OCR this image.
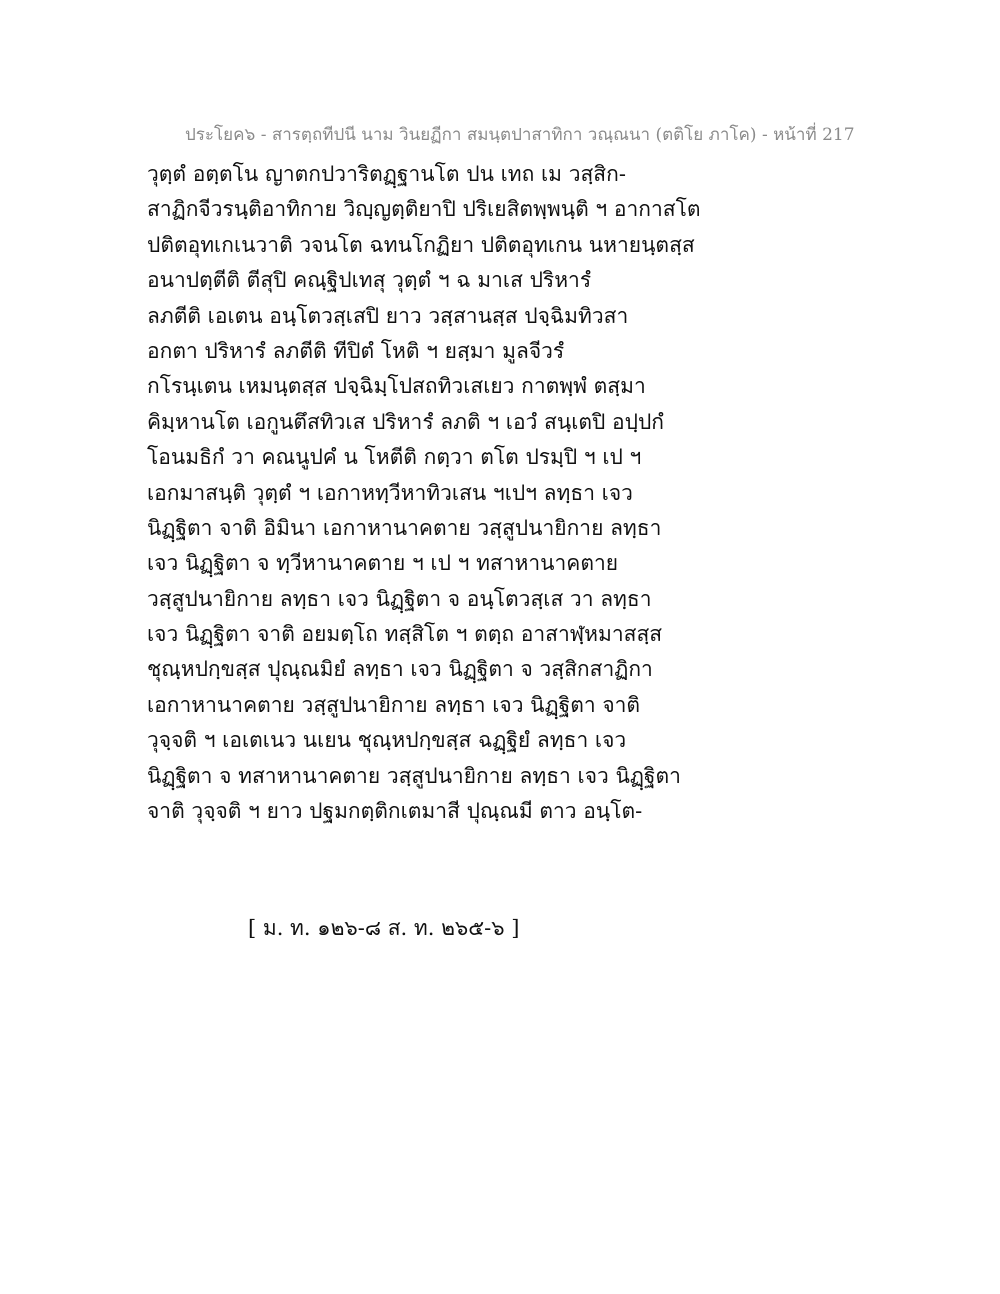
ประโยค๖ - สารตฺถทีปนี นาม วินยฏีกา สมนฺตปาสาทิกา วณฺณนา (ตติโย ภาโค) - หน้าที่ 217
วุตฺตํ อตฺตโน ญาตกปวาริตฏฺฐานโต ปน เทถ เม วสฺสิก-
สาฏิกจีวรนฺติอาทิกาย วิญฺญตฺติยาปิ ปริเยสิตพฺพนฺติ ฯ อากาสโต
ปติตอุทเกเนวาติ วจนโต ฉทนโกฏิยา ปติตอุทเกน นหายนฺตสฺส
อนาปตฺตีติ ตีสุปิ คณฺฐิปเทสุ วุตฺตํ ฯ ฉ มาเส ปริหารํ
ลภตีติ เอเตน อนฺโตวสฺเสปิ ยาว วสฺสานสฺส ปจฺฉิมทิวสา
อกตา ปริหารํ ลภตีติ ทีปิตํ โหติ ฯ ยสฺมา มูลจีวรํ
กโรนฺเตน เหมนฺตสฺส ปจฺฉิมฺโปสถทิวเสเยว กาตพฺพํ ตสฺมา
คิมฺหานโต เอกูนตึสทิวเส ปริหารํ ลภติ ฯ เอวํ สนฺเตปิ อปฺปกํ
โอนมธิกํ วา คณนูปคํ น โหตีติ กตฺวา ตโต ปรมฺปิ ฯ เป ฯ
เอกมาสนฺติ วุตฺตํ ฯ เอกาหทฺวีหาทิวเสน ฯเปฯ ลทฺธา เจว
นิฏฺฐิตา จาติ อิมินา เอกาหานาคตาย วสฺสูปนายิกาย ลทฺธา
เจว นิฏฺฐิตา จ ทฺวีหานาคตาย ฯ เป ฯ ทสาหานาคตาย
วสฺสูปนายิกาย ลทฺธา เจว นิฏฺฐิตา จ อนฺโตวสฺเส วา ลทฺธา
เจว นิฏฺฐิตา จาติ อยมตฺโถ ทสฺสิโต ฯ ตตฺถ อาสาฬฺหมาสสฺส
ชุณฺหปกฺขสฺส ปุณฺณมิยํ ลทฺธา เจว นิฏฺฐิตา จ วสฺสิกสาฏิกา
เอกาหานาคตาย วสฺสูปนายิกาย ลทฺธา เจว นิฏฺฐิตา จาติ
วุจฺจติ ฯ เอเตเนว นเยน ชุณฺหปกฺขสฺส ฉฏฺฐิยํ ลทฺธา เจว
นิฏฺฐิตา จ ทสาหานาคตาย วสฺสูปนายิกาย ลทฺธา เจว นิฏฺฐิตา
จาติ วุจฺจติ ฯ ยาว ปฐมกตฺติกเตมาสี ปุณฺณมี ตาว อนฺโต-
[ ม. ท. ๑๒๖-๘ ส. ท. ๒๖๕-๖ ]
